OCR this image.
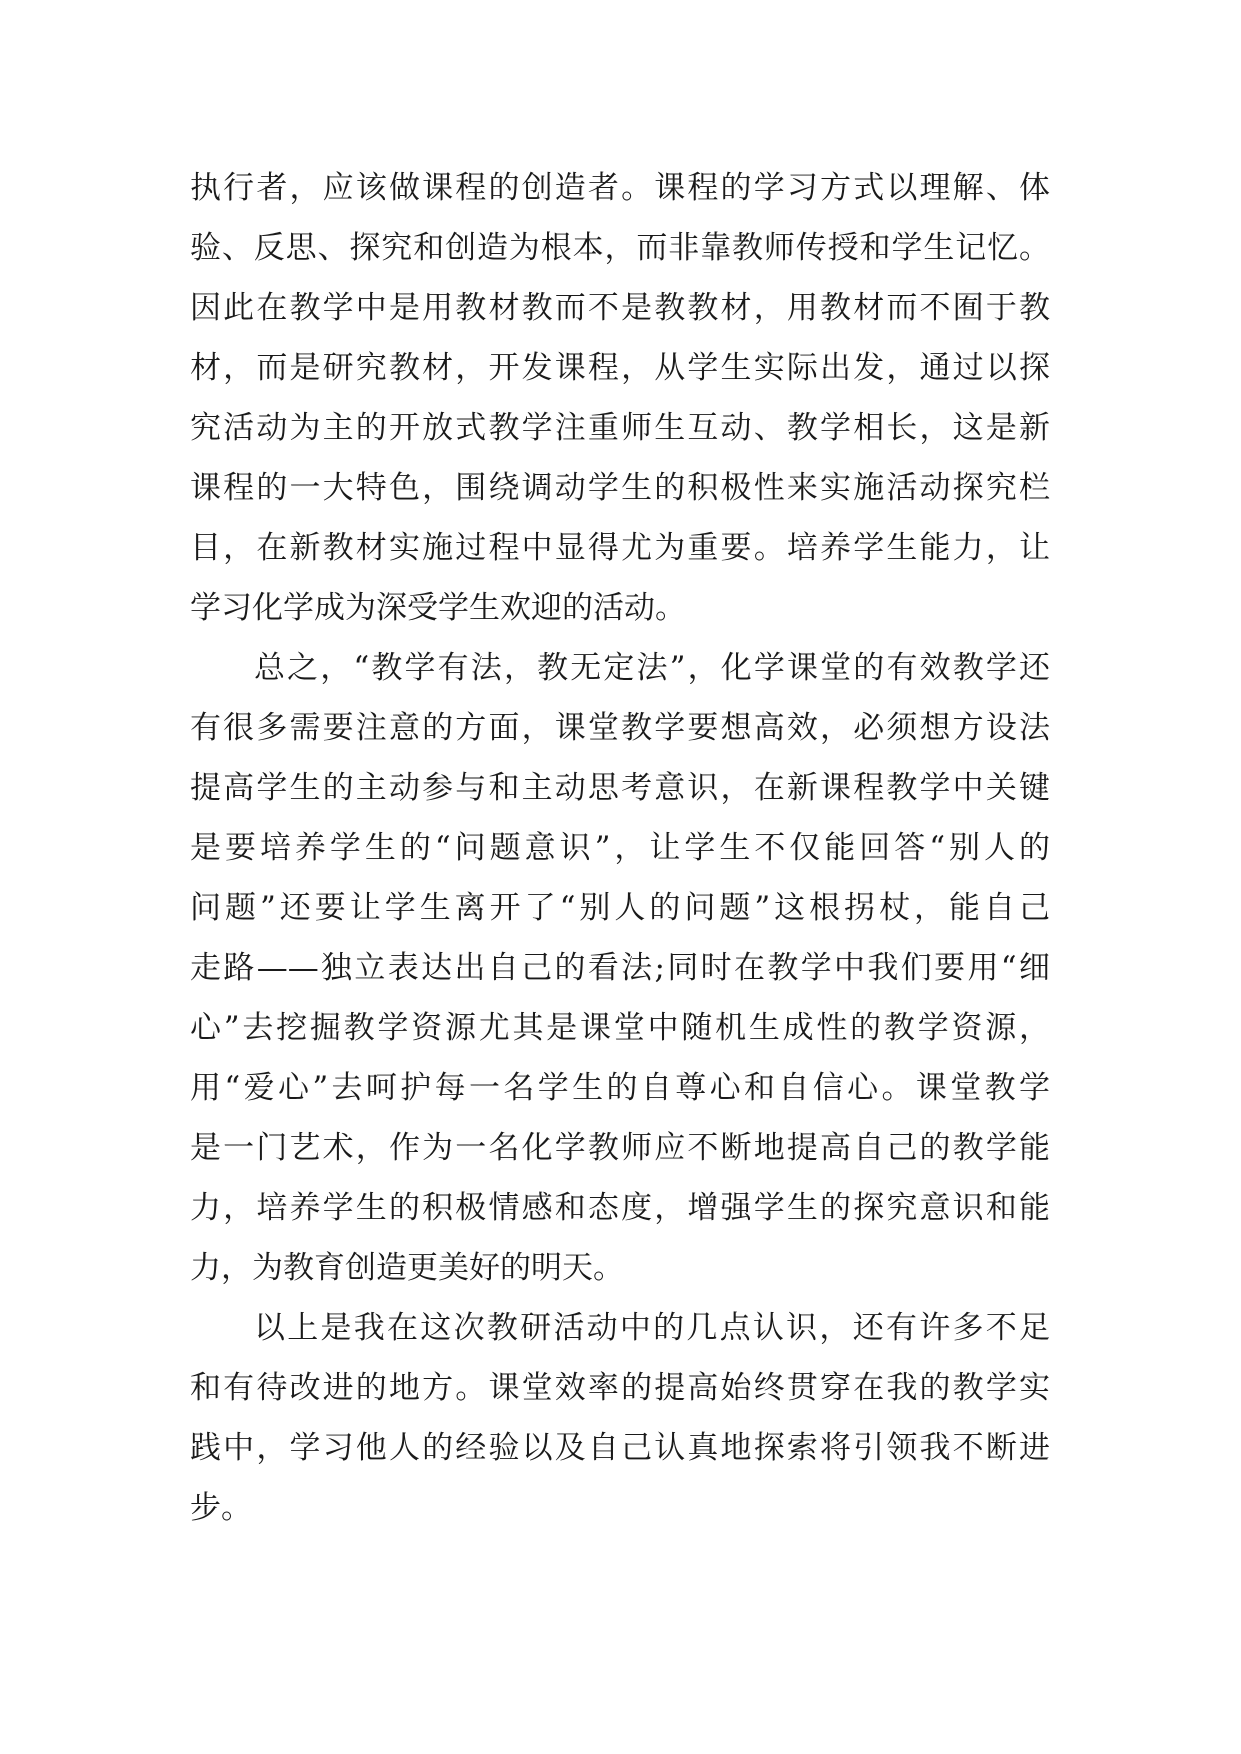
执行者，应该做课程的创造者。课程的学习方式以理解、体
验、反思、探究和创造为根本，而非靠教师传授和学生记忆。
因此在教学中是用教材教而不是教教材，用教材而不囿于教
材，而是研究教材，开发课程，从学生实际出发，通过以探
究活动为主的开放式教学注重师生互动、教学相长，这是新
课程的一大特色，围绕调动学生的积极性来实施活动探究栏
目，在新教材实施过程中显得尤为重要。培养学生能力，让
学习化学成为深受学生欢迎的活动。
总之，“教学有法，教无定法”，化学课堂的有效教学还
有很多需要注意的方面，课堂教学要想高效，必须想方设法
提高学生的主动参与和主动思考意识，在新课程教学中关键
是要培养学生的“问题意识”，让学生不仅能回答“别人的
问题”还要让学生离开了“别人的问题”这根拐杖，能自己
走路——独立表达出自己的看法;同时在教学中我们要用“细
心”去挖掘教学资源尤其是课堂中随机生成性的教学资源，
用“爱心”去呵护每一名学生的自尊心和自信心。课堂教学
是一门艺术，作为一名化学教师应不断地提高自己的教学能
力，培养学生的积极情感和态度，增强学生的探究意识和能
力，为教育创造更美好的明天。
以上是我在这次教研活动中的几点认识，还有许多不足
和有待改进的地方。课堂效率的提高始终贯穿在我的教学实
践中，学习他人的经验以及自己认真地探索将引领我不断进
步。
